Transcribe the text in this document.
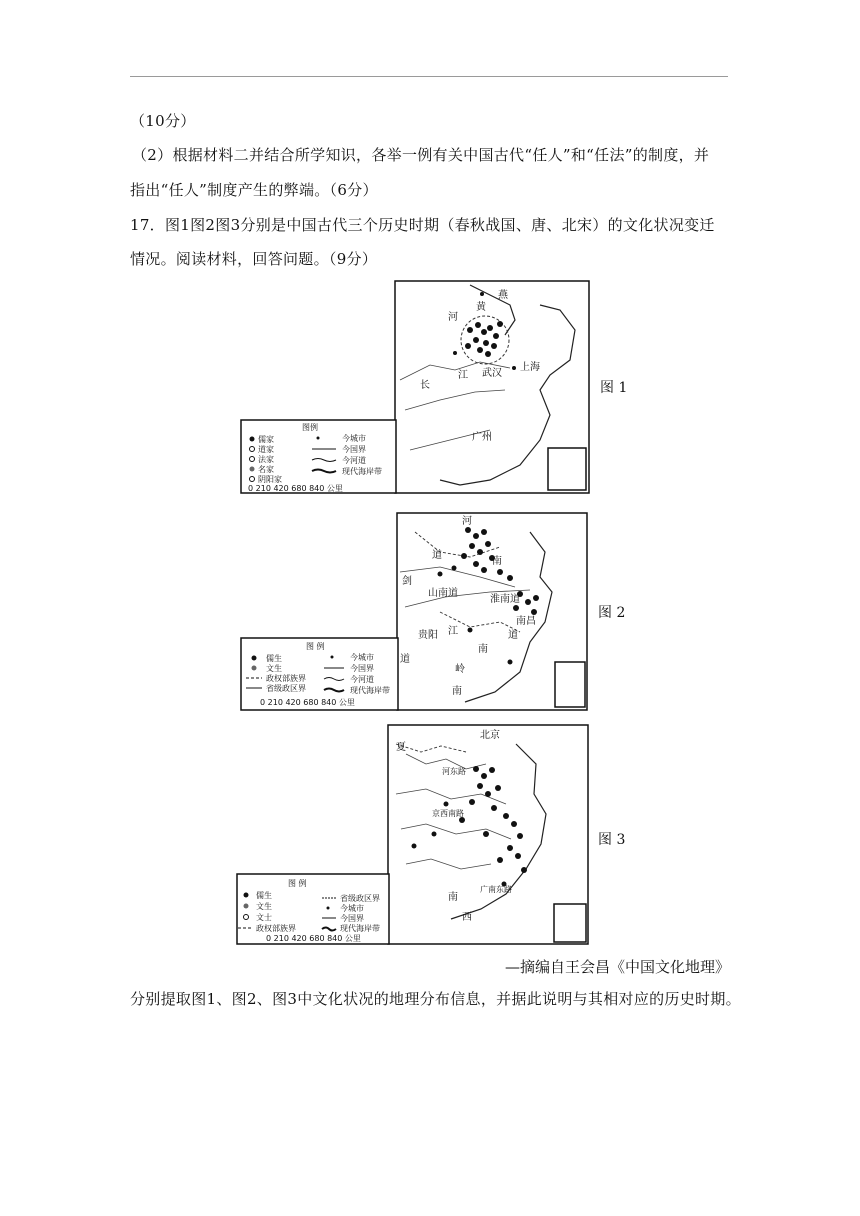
（10分）
（2）根据材料二并结合所学知识，各举一例有关中国古代“任人”和“任法”的制度，并
指出“任人”制度产生的弊端。（6分）
17．图1图2图3分别是中国古代三个历史时期（春秋战国、唐、北宋）的文化状况变迁
情况。阅读材料，回答问题。（9分）
黄
燕
河
上海
武汉
长
江
广州
图例
儒家
道家
法家
名家
阴阳家
今城市
今国界
今河道
现代海岸带
0 210 420 680 840 公里
图 1
河
道
南
山南道
淮南道
剑
江
南昌
贵阳	道
南
岭
道
南
图 例
儒生
文生
政权部族界
省级政区界
今城市
今国界
今河道
现代海岸带
0 210 420 680 840 公里
图 2
北京
夏
河东路
京西南路
广南东路
南
西
图 例
儒生
文生
文士
政权部族界
省级政区界
今城市
今国界
现代海岸带
0 210 420 680 840 公里
图 3
—摘编自王会昌《中国文化地理》
分别提取图1、图2、图3中文化状况的地理分布信息，并据此说明与其相对应的历史时期。
